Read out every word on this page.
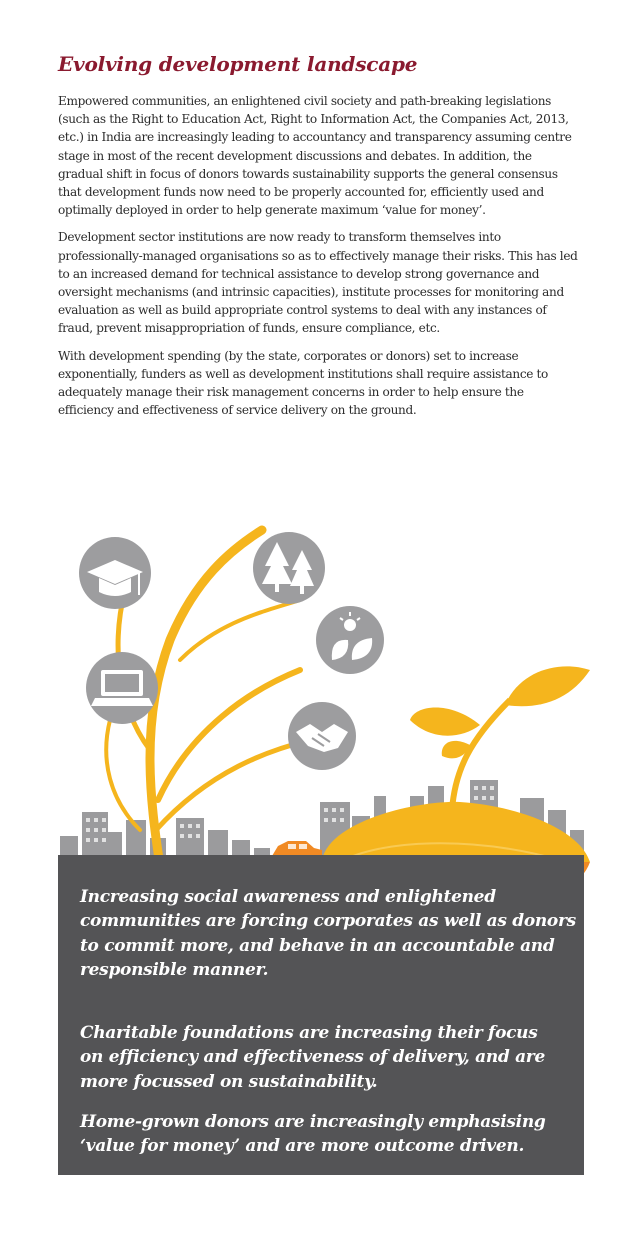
Evolving development landscape

Empowered communities, an enlightened civil society and path-breaking legislations (such as the Right to Education Act, Right to Information Act, the Companies Act, 2013, etc.) in India are increasingly leading to accountancy and transparency assuming centre stage in most of the recent development discussions and debates. In addition, the gradual shift in focus of donors towards sustainability supports the general consensus that development funds now need to be properly accounted for, efficiently used and optimally deployed in order to help generate maximum ‘value for money’.

Development sector institutions are now ready to transform themselves into professionally-managed organisations so as to effectively manage their risks. This has led to an increased demand for technical assistance to develop strong governance and oversight mechanisms (and intrinsic capacities), institute processes for monitoring and evaluation as well as build appropriate control systems to deal with any instances of fraud, prevent misappropriation of funds, ensure compliance, etc.

With development spending (by the state, corporates or donors) set to increase exponentially, funders as well as development institutions shall require assistance to adequately manage their risk management concerns in order to help ensure the efficiency and effectiveness of service delivery on the ground.

Increasing social awareness and enlightened communities are forcing corporates as well as donors to commit more, and behave in an accountable and responsible manner.

Charitable foundations are increasing their focus on efficiency and effectiveness of delivery, and are more focussed on sustainability.

Home-grown donors are increasingly emphasising ‘value for money’ and are more outcome driven.
